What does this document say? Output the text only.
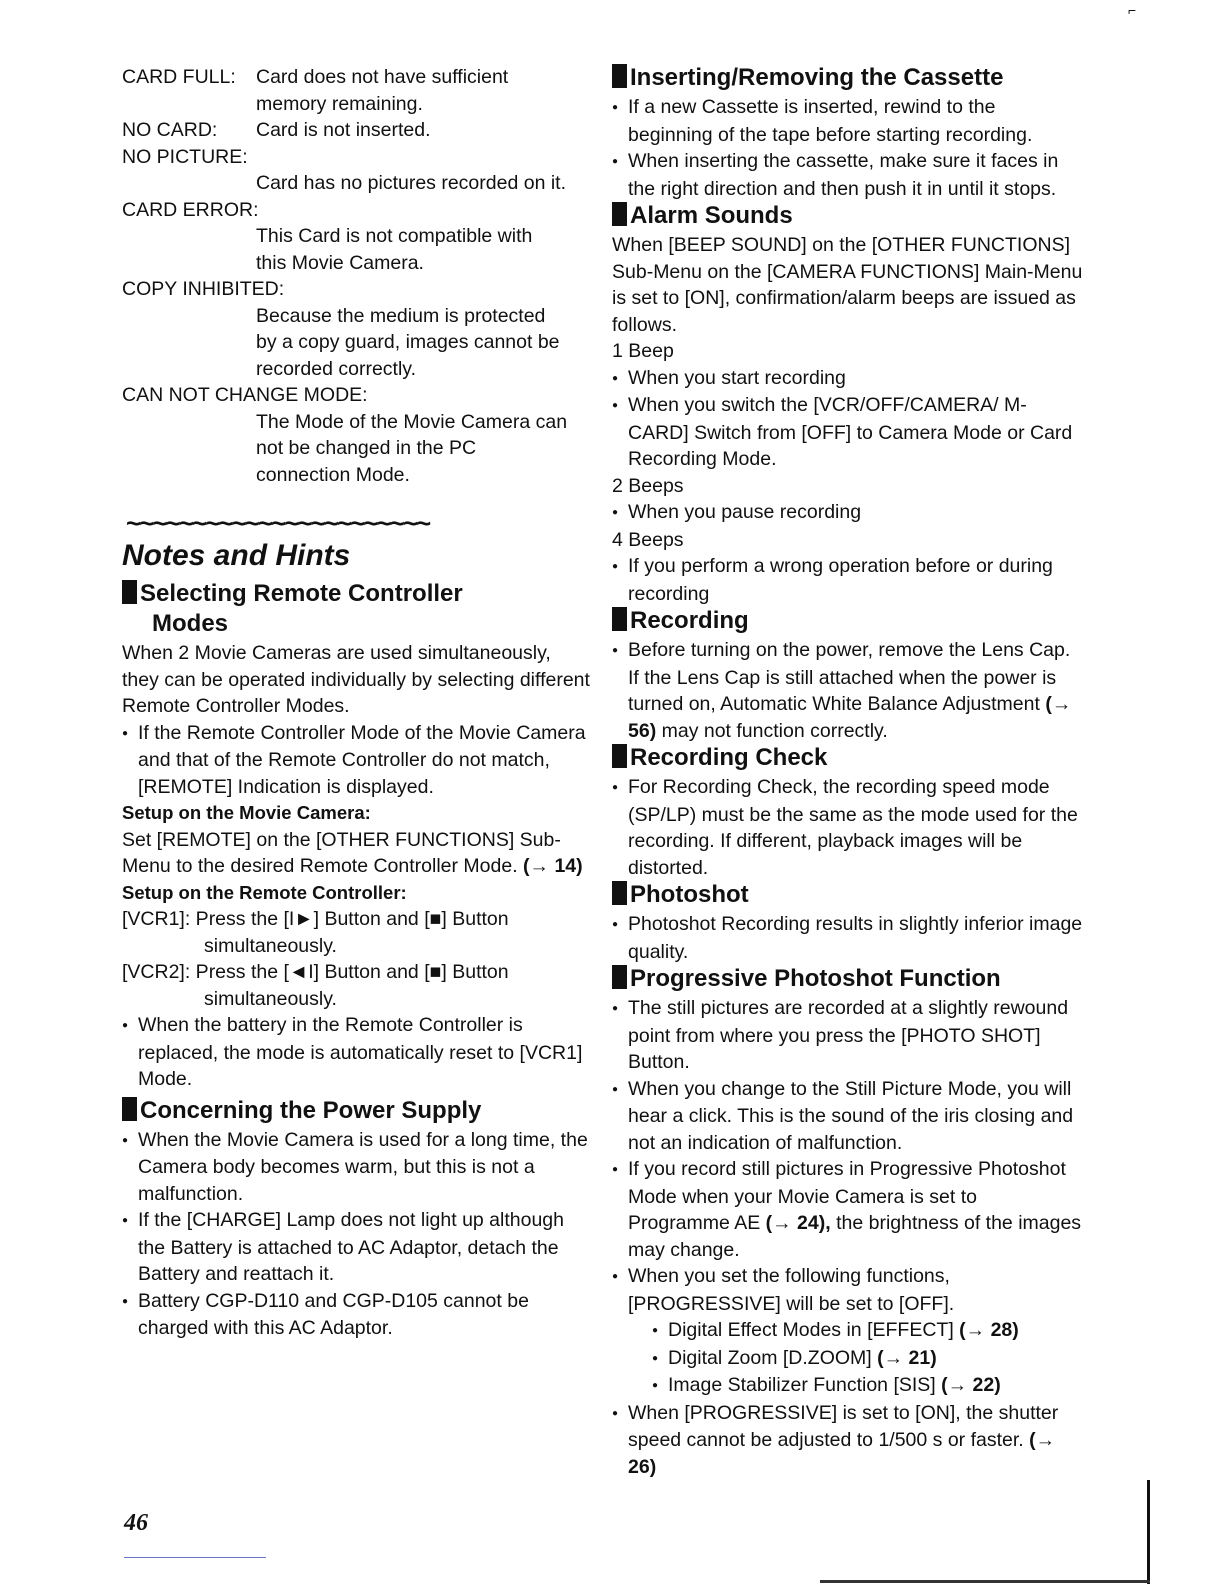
⌐

CARD FULL: Card does not have sufficient

memory remaining.

NO CARD: Card is not inserted.

NO PICTURE:

Card has no pictures recorded on it.

CARD ERROR:

This Card is not compatible with

this Movie Camera.

COPY INHIBITED:

Because the medium is protected

by a copy guard, images cannot be

recorded correctly.

CAN NOT CHANGE MODE:

The Mode of the Movie Camera can

not be changed in the PC

connection Mode.

~~~~~~~~~~~~~~~~~~~~~~~
Notes and Hints
Selecting Remote Controller
Modes

When 2 Movie Cameras are used simultaneously, they can be operated individually by selecting different Remote Controller Modes.

● If the Remote Controller Mode of the Movie Camera and that of the Remote Controller do not match, [REMOTE] Indication is displayed.

Setup on the Movie Camera:

Set [REMOTE] on the [OTHER FUNCTIONS] Sub-Menu to the desired Remote Controller Mode. (→ 14)

Setup on the Remote Controller:

[VCR1]: Press the [I►] Button and [■] Button simultaneously.

[VCR2]: Press the [◄I] Button and [■] Button simultaneously.

● When the battery in the Remote Controller is replaced, the mode is automatically reset to [VCR1] Mode.

Concerning the Power Supply

● When the Movie Camera is used for a long time, the Camera body becomes warm, but this is not a malfunction.

● If the [CHARGE] Lamp does not light up although the Battery is attached to AC Adaptor, detach the Battery and reattach it.

● Battery CGP-D110 and CGP-D105 cannot be charged with this AC Adaptor.

Inserting/Removing the Cassette

● If a new Cassette is inserted, rewind to the beginning of the tape before starting recording.

● When inserting the cassette, make sure it faces in the right direction and then push it in until it stops.

Alarm Sounds

When [BEEP SOUND] on the [OTHER FUNCTIONS] Sub-Menu on the [CAMERA FUNCTIONS] Main-Menu is set to [ON], confirmation/alarm beeps are issued as follows.

1 Beep

● When you start recording

● When you switch the [VCR/OFF/CAMERA/ M-CARD] Switch from [OFF] to Camera Mode or Card Recording Mode.

2 Beeps

● When you pause recording

4 Beeps

● If you perform a wrong operation before or during recording

Recording

● Before turning on the power, remove the Lens Cap. If the Lens Cap is still attached when the power is turned on, Automatic White Balance Adjustment (→ 56) may not function correctly.

Recording Check

● For Recording Check, the recording speed mode (SP/LP) must be the same as the mode used for the recording. If different, playback images will be distorted.

Photoshot

● Photoshot Recording results in slightly inferior image quality.

Progressive Photoshot Function

● The still pictures are recorded at a slightly rewound point from where you press the [PHOTO SHOT] Button.

● When you change to the Still Picture Mode, you will hear a click. This is the sound of the iris closing and not an indication of malfunction.

● If you record still pictures in Progressive Photoshot Mode when your Movie Camera is set to Programme AE (→ 24), the brightness of the images may change.

● When you set the following functions, [PROGRESSIVE] will be set to [OFF].

● Digital Effect Modes in [EFFECT] (→ 28)

● Digital Zoom [D.ZOOM] (→ 21)

● Image Stabilizer Function [SIS] (→ 22)

● When [PROGRESSIVE] is set to [ON], the shutter speed cannot be adjusted to 1/500 s or faster. (→ 26)

46
